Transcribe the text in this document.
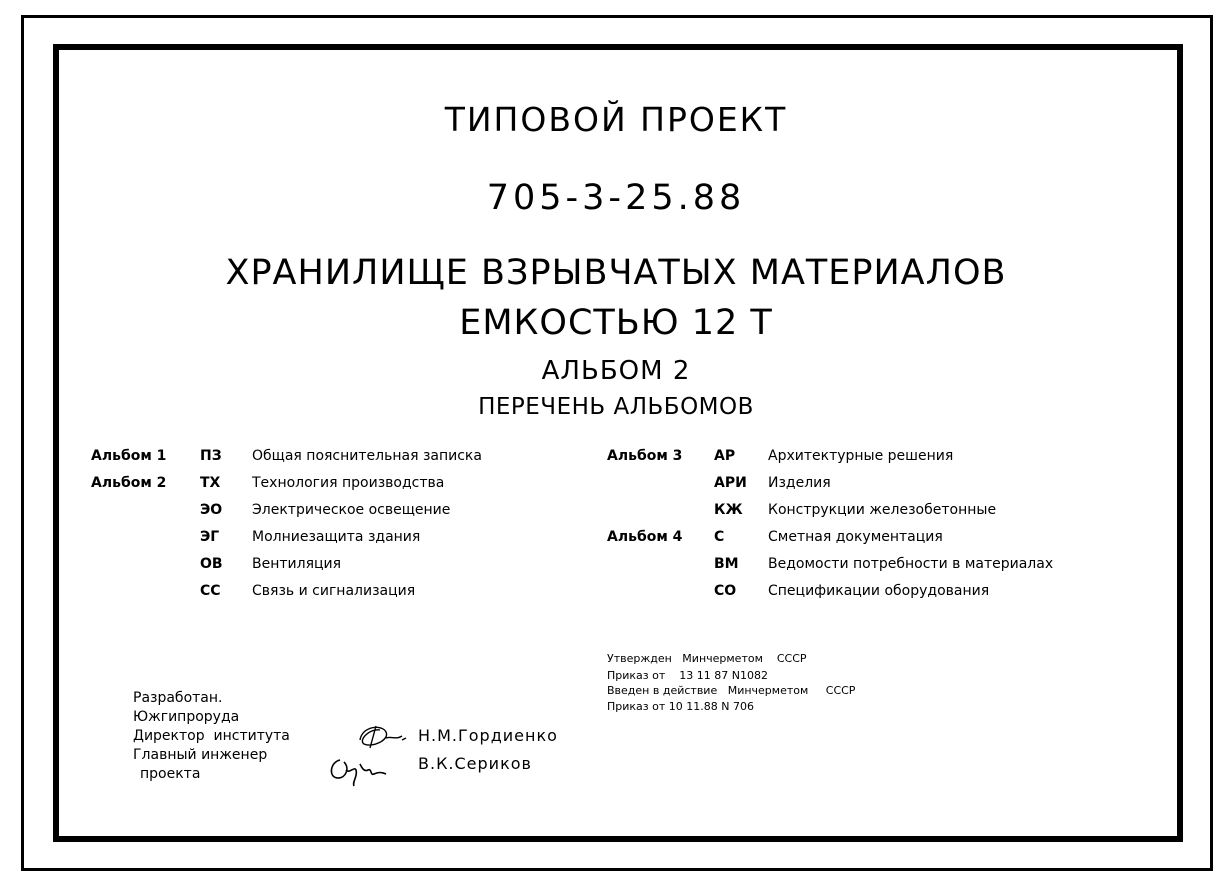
ТИПОВОЙ ПРОЕКТ
705-3-25.88
ХРАНИЛИЩЕ ВЗРЫВЧАТЫХ МАТЕРИАЛОВ
ЕМКОСТЬЮ 12 Т
АЛЬБОМ 2
ПЕРЕЧЕНЬ АЛЬБОМОВ
Альбом 1 ПЗ Общая пояснительная записка
Альбом 2 ТХ Технология производства
ЭО Электрическое освещение
ЭГ Молниезащита здания
ОВ Вентиляция
СС Связь и сигнализация
Альбом 3 АР Архитектурные решения
АРИ Изделия
КЖ Конструкции железобетонные
Альбом 4 С	Сметная документация
ВМ Ведомости потребности в материалах
СО Спецификации оборудования
Утвержден   Минчерметом    СССР
Приказ от    13 11 87 N1082
Введен в действие   Минчерметом     СССР
Приказ от 10 11.88 N 706
Разработан.
Южгипроруда
Директор  института
Главный инженер
проекта
Н.М.Гордиенко
В.К.Сериков
